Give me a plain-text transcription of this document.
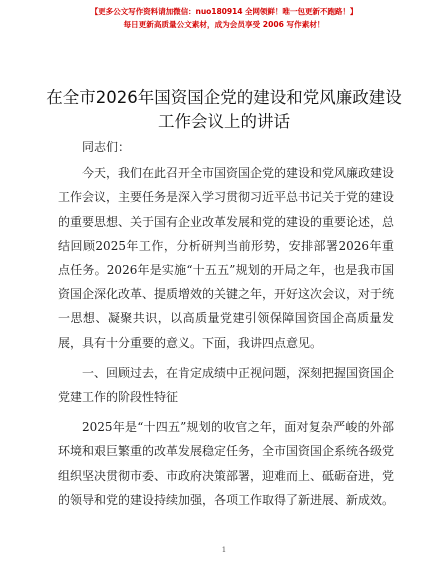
【更多公文写作资料请加微信：nuo180914 全网领鲜！唯一包更新不跑路！】
每日更新高质量公文素材，成为会员享受 2006 写作素材！
在全市2026年国资国企党的建设和党风廉政建设工作会议上的讲话

同志们：

今天，我们在此召开全市国资国企党的建设和党风廉政建设工作会议，主要任务是深入学习贯彻习近平总书记关于党的建设的重要思想、关于国有企业改革发展和党的建设的重要论述，总结回顾2025年工作，分析研判当前形势，安排部署2026年重点任务。2026年是实施“十五五”规划的开局之年，也是我市国资国企深化改革、提质增效的关键之年，开好这次会议，对于统一思想、凝聚共识，以高质量党建引领保障国资国企高质量发展，具有十分重要的意义。下面，我讲四点意见。

一、回顾过去，在肯定成绩中正视问题，深刻把握国资国企党建工作的阶段性特征

2025年是“十四五”规划的收官之年，面对复杂严峻的外部环境和艰巨繁重的改革发展稳定任务，全市国资国企系统各级党组织坚决贯彻市委、市政府决策部署，迎难而上、砥砺奋进，党的领导和党的建设持续加强，各项工作取得了新进展、新成效。

1
